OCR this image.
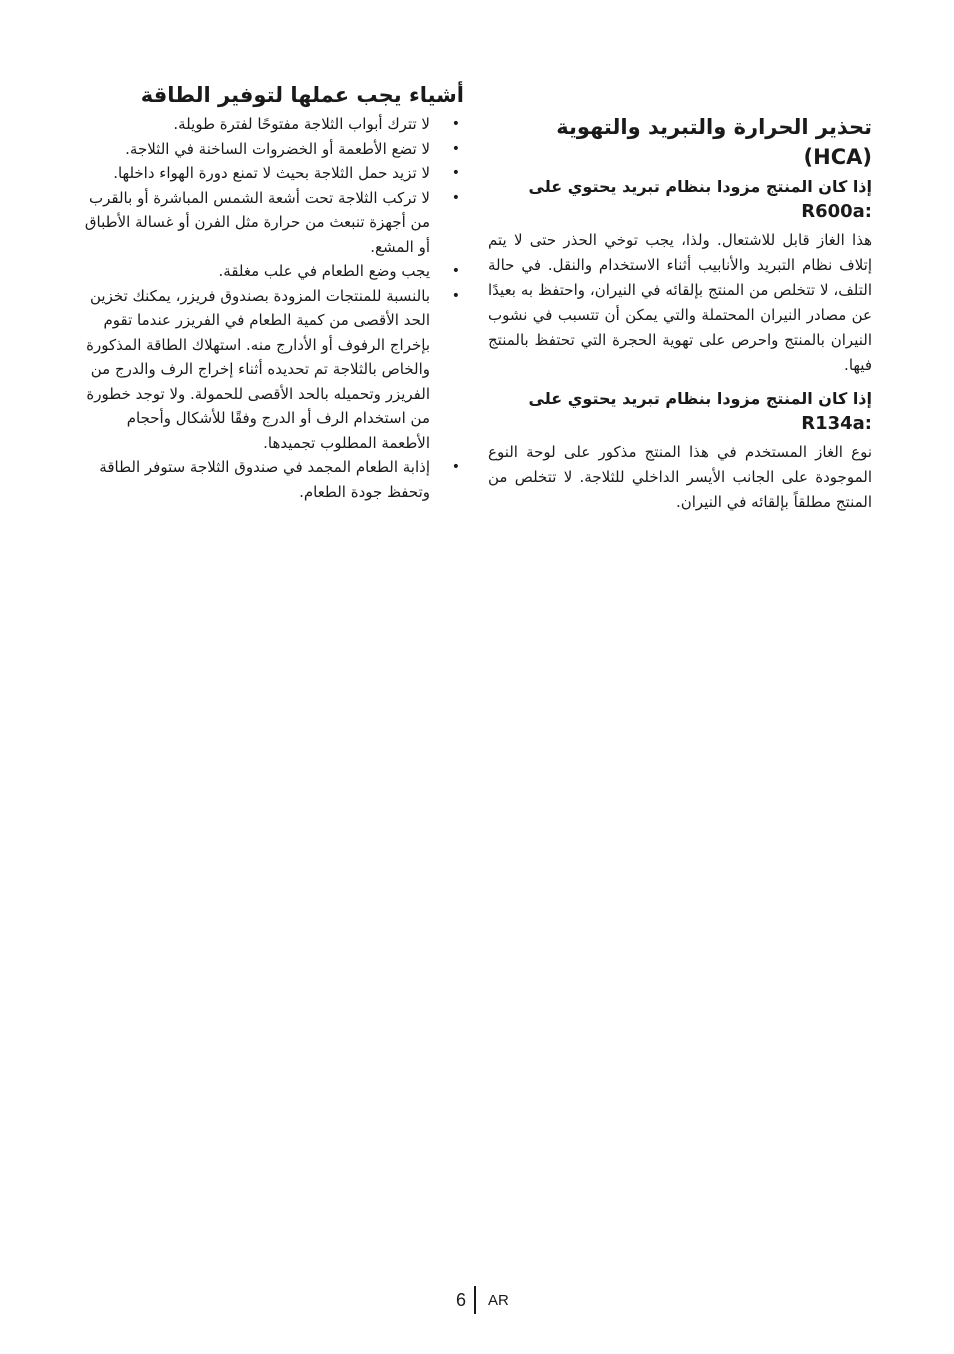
تحذير الحرارة والتبريد والتهوية (HCA)
إذا كان المنتج مزودا بنظام تبريد يحتوي على
R600a:
هذا الغاز قابل للاشتعال. ولذا، يجب توخي الحذر حتى لا يتم إتلاف نظام التبريد والأنابيب أثناء الاستخدام والنقل. في حالة التلف، لا تتخلص من المنتج بإلقائه في النيران، واحتفظ به بعيدًا عن مصادر النيران المحتملة والتي يمكن أن تتسبب في نشوب النيران بالمنتج واحرص على تهوية الحجرة التي تحتفظ بالمنتج فيها.
إذا كان المنتج مزودا بنظام تبريد يحتوي على
R134a:
نوع الغاز المستخدم في هذا المنتج مذكور على لوحة النوع الموجودة على الجانب الأيسر الداخلي للثلاجة. لا تتخلص من المنتج مطلقاً بإلقائه في النيران.
أشياء يجب عملها لتوفير الطاقة
•
لا تترك أبواب الثلاجة مفتوحًا لفترة طويلة.
•
لا تضع الأطعمة أو الخضروات الساخنة في الثلاجة.
•
لا تزيد حمل الثلاجة بحيث لا تمنع دورة الهواء داخلها.
•
لا تركب الثلاجة تحت أشعة الشمس المباشرة أو بالقرب من أجهزة تنبعث من حرارة مثل الفرن أو غسالة الأطباق أو المشع.
•
يجب وضع الطعام في علب مغلقة.
•
بالنسبة للمنتجات المزودة بصندوق فريزر، يمكنك تخزين الحد الأقصى من كمية الطعام في الفريزر عندما تقوم بإخراج الرفوف أو الأدارج منه. استهلاك الطاقة المذكورة والخاص بالثلاجة تم تحديده أثناء إخراج الرف والدرج من الفريزر وتحميله بالحد الأقصى للحمولة. ولا توجد خطورة من استخدام الرف أو الدرج وفقًا للأشكال وأحجام الأطعمة المطلوب تجميدها.
•
إذابة الطعام المجمد في صندوق الثلاجة ستوفر الطاقة وتحفظ جودة الطعام.
6 AR
